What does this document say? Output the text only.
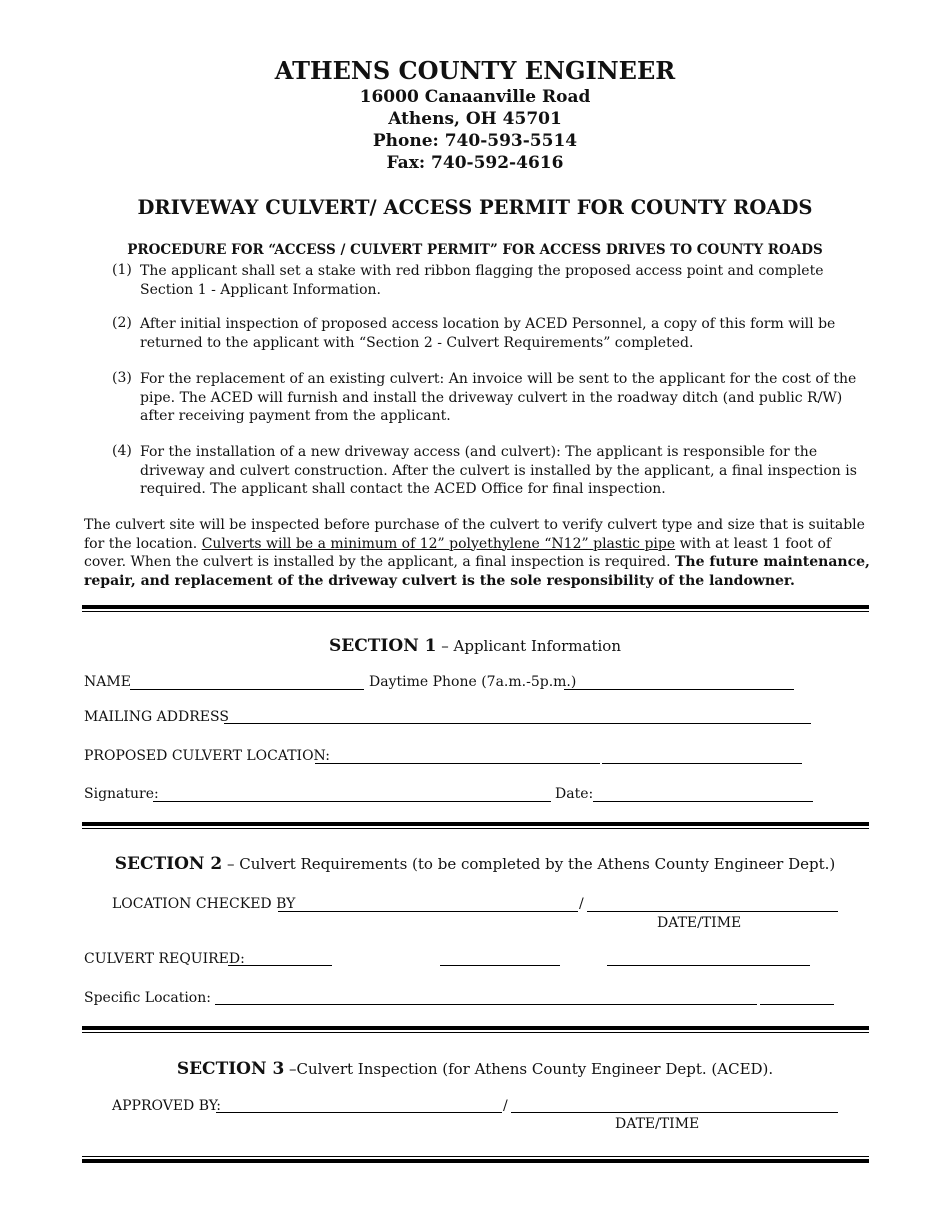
ATHENS COUNTY ENGINEER
16000 Canaanville Road
Athens, OH 45701
Phone: 740-593-5514
Fax: 740-592-4616
DRIVEWAY CULVERT/ ACCESS PERMIT FOR COUNTY ROADS
PROCEDURE FOR “ACCESS / CULVERT PERMIT” FOR ACCESS DRIVES TO COUNTY ROADS
(1) The applicant shall set a stake with red ribbon flagging the proposed access point and complete Section 1 - Applicant Information.
(2) After initial inspection of proposed access location by ACED Personnel, a copy of this form will be returned to the applicant with “Section 2 - Culvert Requirements” completed.
(3) For the replacement of an existing culvert: An invoice will be sent to the applicant for the cost of the pipe. The ACED will furnish and install the driveway culvert in the roadway ditch (and public R/W) after receiving payment from the applicant.
(4) For the installation of a new driveway access (and culvert): The applicant is responsible for the driveway and culvert construction. After the culvert is installed by the applicant, a final inspection is required. The applicant shall contact the ACED Office for final inspection.
The culvert site will be inspected before purchase of the culvert to verify culvert type and size that is suitable for the location. Culverts will be a minimum of 12” polyethylene “N12” plastic pipe with at least 1 foot of cover. When the culvert is installed by the applicant, a final inspection is required. The future maintenance, repair, and replacement of the driveway culvert is the sole responsibility of the landowner.
SECTION 1 – Applicant Information
NAME	Daytime Phone (7a.m.-5p.m.)
MAILING ADDRESS
PROPOSED CULVERT LOCATION:
Signature:	Date:
SECTION 2 – Culvert Requirements (to be completed by the Athens County Engineer Dept.)
LOCATION CHECKED BY	/
DATE/TIME
CULVERT REQUIRED:
Specific Location:
SECTION 3 –Culvert Inspection (for Athens County Engineer Dept. (ACED).
APPROVED BY:	/
DATE/TIME
